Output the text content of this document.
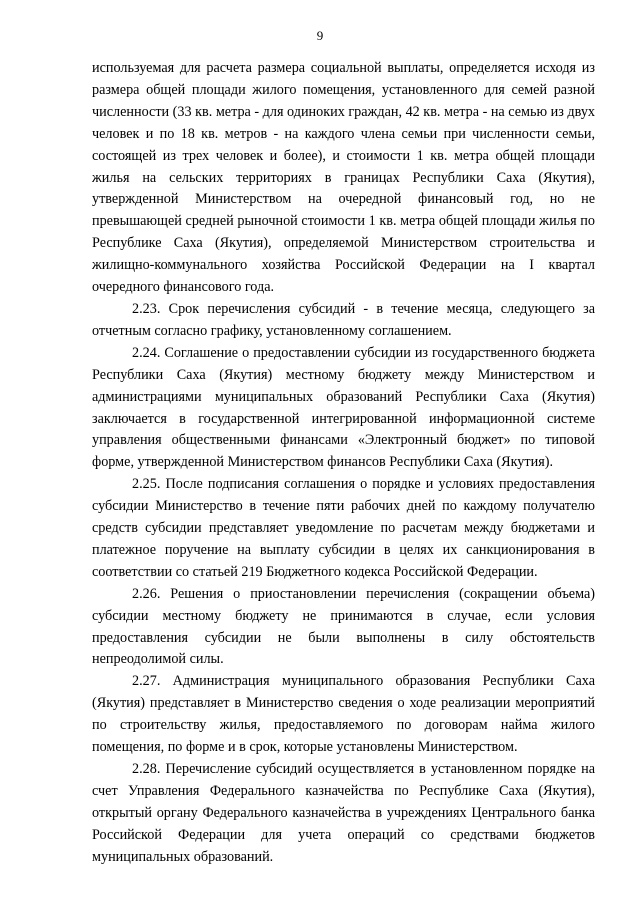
9

используемая для расчета размера социальной выплаты, определяется исходя из размера общей площади жилого помещения, установленного для семей разной численности (33 кв. метра - для одиноких граждан, 42 кв. метра - на семью из двух человек и по 18 кв. метров - на каждого члена семьи при численности семьи, состоящей из трех человек и более), и стоимости 1 кв. метра общей площади жилья на сельских территориях в границах Республики Саха (Якутия), утвержденной Министерством на очередной финансовый год, но не превышающей средней рыночной стоимости 1 кв. метра общей площади жилья по Республике Саха (Якутия), определяемой Министерством строительства и жилищно-коммунального хозяйства Российской Федерации на I квартал очередного финансового года.

2.23. Срок перечисления субсидий - в течение месяца, следующего за отчетным согласно графику, установленному соглашением.

2.24. Соглашение о предоставлении субсидии из государственного бюджета Республики Саха (Якутия) местному бюджету между Министерством и администрациями муниципальных образований Республики Саха (Якутия) заключается в государственной интегрированной информационной системе управления общественными финансами «Электронный бюджет» по типовой форме, утвержденной Министерством финансов Республики Саха (Якутия).

2.25. После подписания соглашения о порядке и условиях предоставления субсидии Министерство в течение пяти рабочих дней по каждому получателю средств субсидии представляет уведомление по расчетам между бюджетами и платежное поручение на выплату субсидии в целях их санкционирования в соответствии со статьей 219 Бюджетного кодекса Российской Федерации.

2.26. Решения о приостановлении перечисления (сокращении объема) субсидии местному бюджету не принимаются в случае, если условия предоставления субсидии не были выполнены в силу обстоятельств непреодолимой силы.

2.27. Администрация муниципального образования Республики Саха (Якутия) представляет в Министерство сведения о ходе реализации мероприятий по строительству жилья, предоставляемого по договорам найма жилого помещения, по форме и в срок, которые установлены Министерством.

2.28. Перечисление субсидий осуществляется в установленном порядке на счет Управления Федерального казначейства по Республике Саха (Якутия), открытый органу Федерального казначейства в учреждениях Центрального банка Российской Федерации для учета операций со средствами бюджетов муниципальных образований.
